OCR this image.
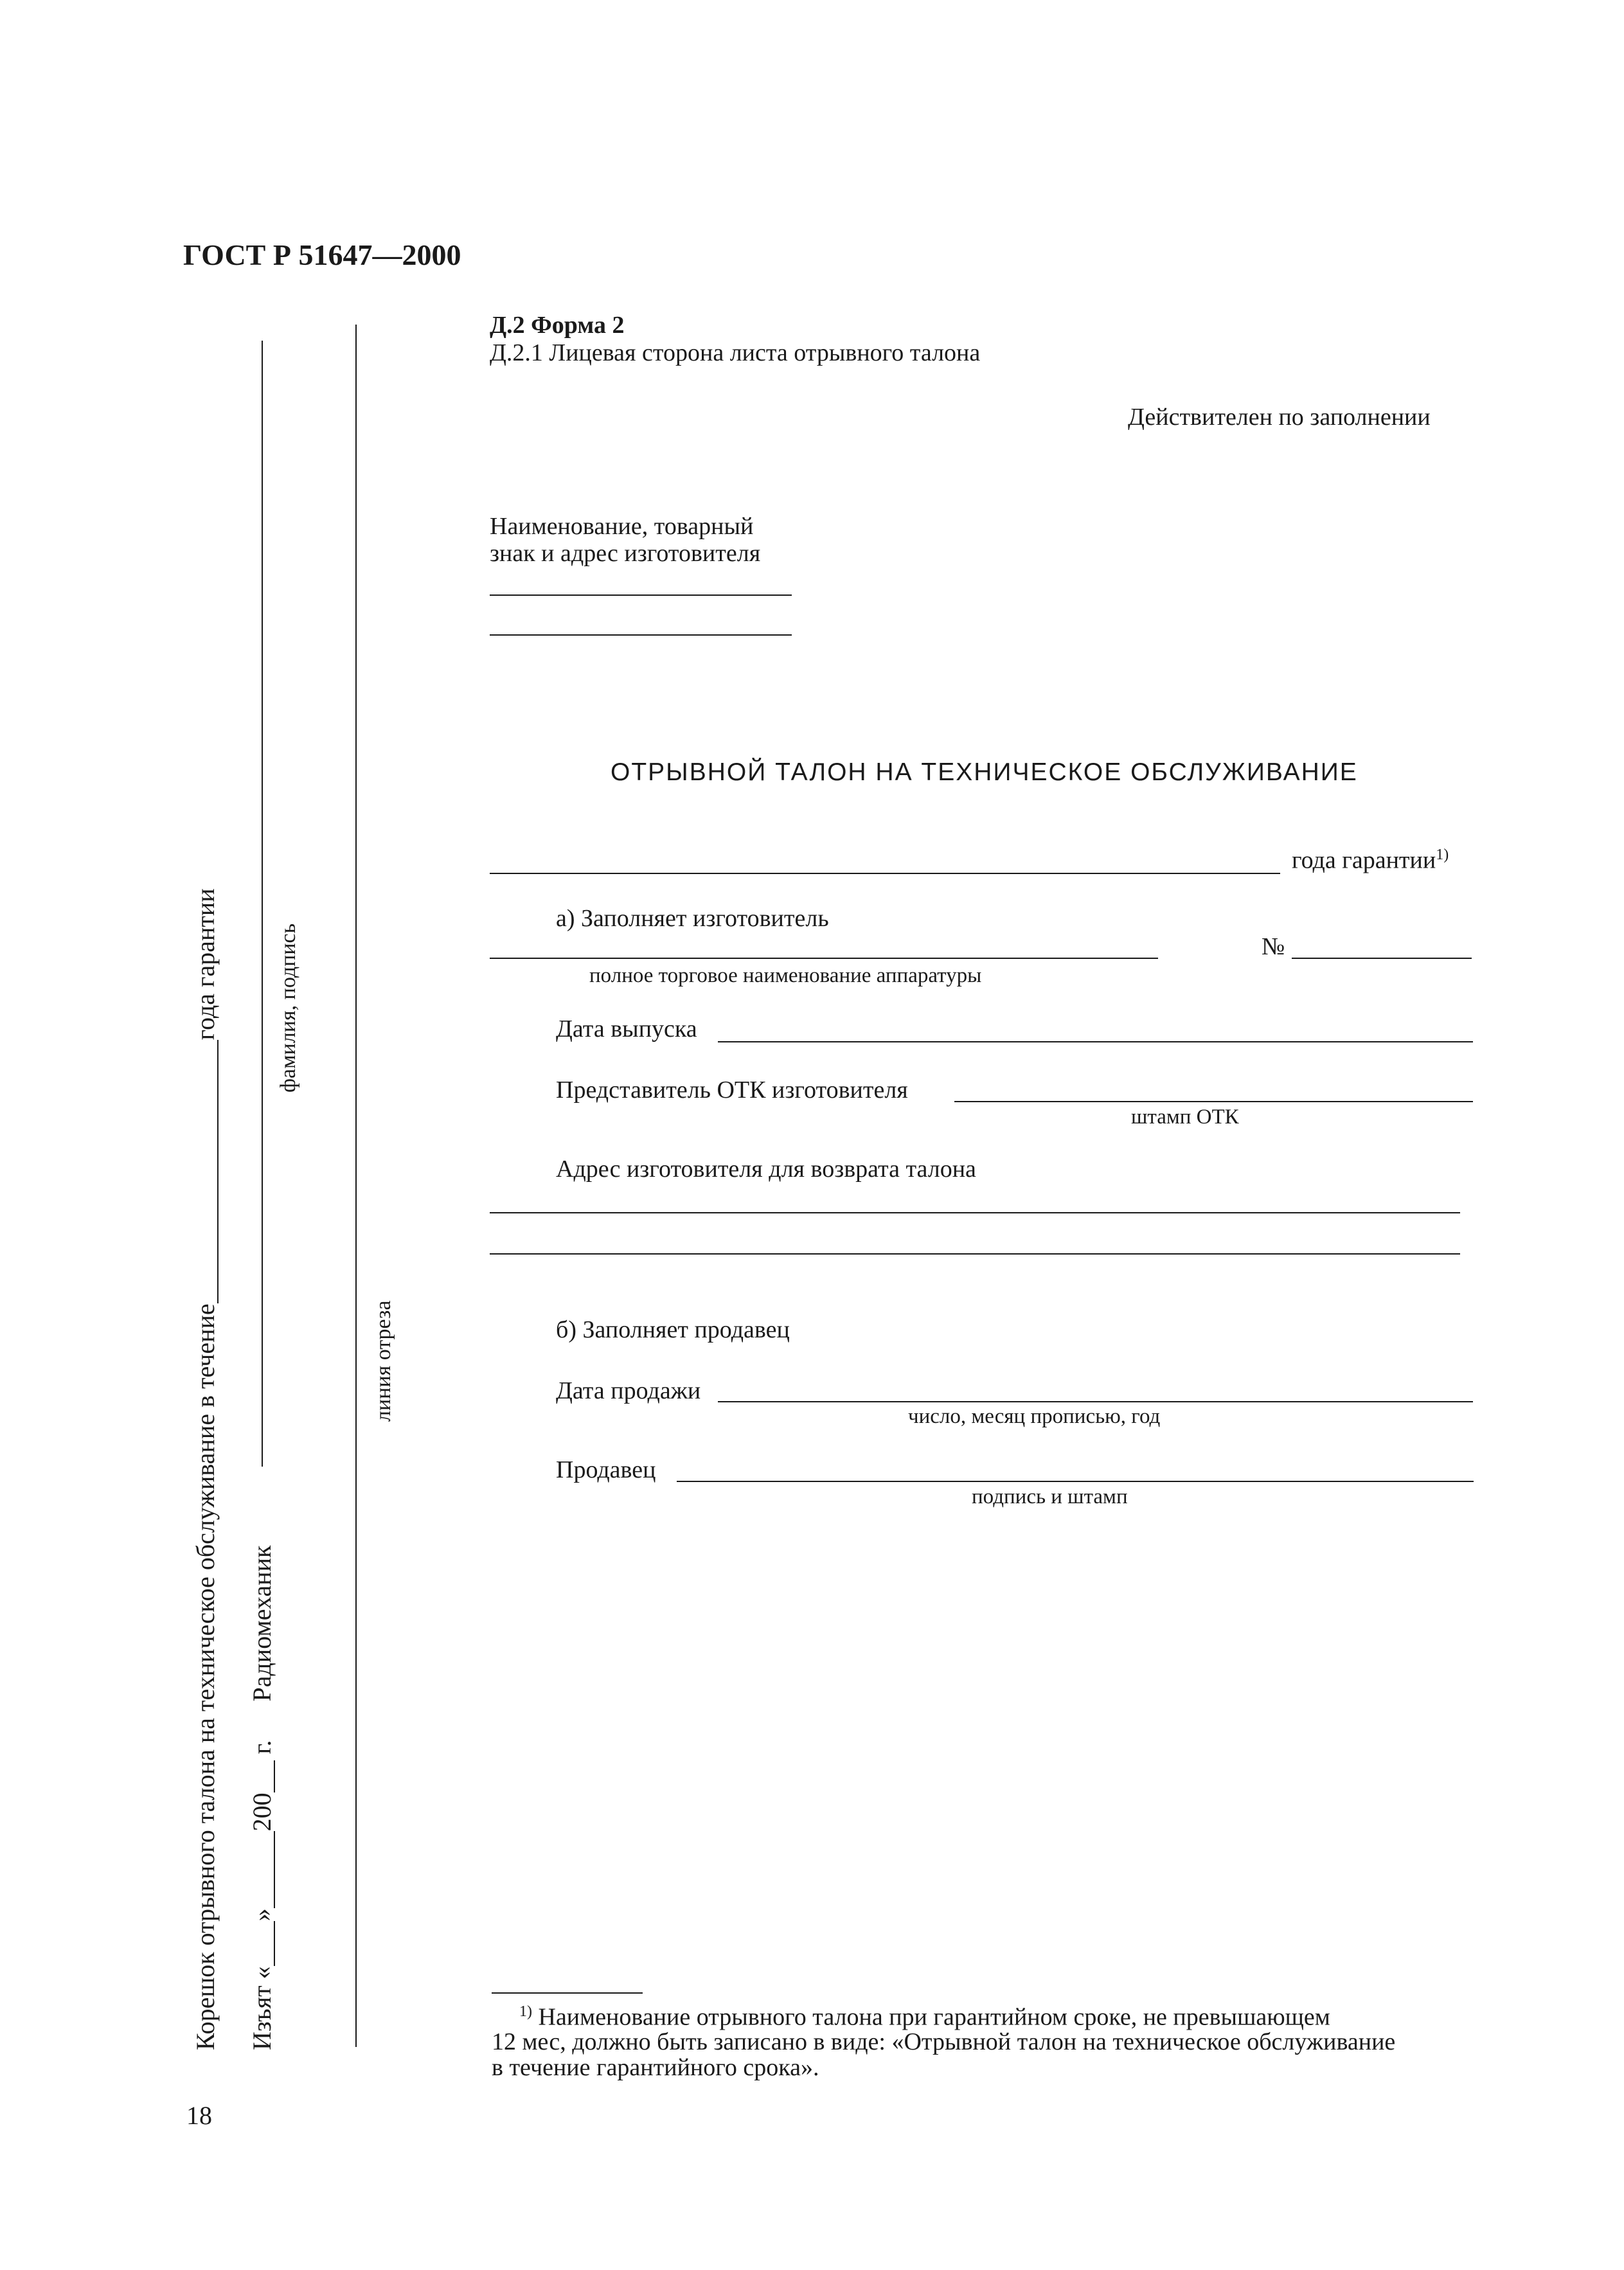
ГОСТ Р 51647—2000
Д.2 Форма 2
Д.2.1 Лицевая сторона листа отрывного талона
Действителен по заполнении
Наименование, товарный
знак и адрес изготовителя
ОТРЫВНОЙ ТАЛОН НА ТЕХНИЧЕСКОЕ ОБСЛУЖИВАНИЕ
года гарантии$^{1)}$
а) Заполняет изготовитель
№
полное торговое наименование аппаратуры
Дата выпуска
Представитель ОТК изготовителя
штамп ОТК
Адрес изготовителя для возврата талона
б) Заполняет продавец
Дата продажи
число, месяц прописью, год
Продавец
подпись и штамп
$^{1)}$ Наименование отрывного талона при гарантийном сроке, не превышающем
12 мес, должно быть записано в виде: «Отрывной талон на техническое обслуживание
в течение гарантийного срока».
18
Корешок отрывного талона на техническое обслуживание в течениегода гарантии
Изъят «»200 г.Радиомеханик
фамилия, подпись
линия отреза
